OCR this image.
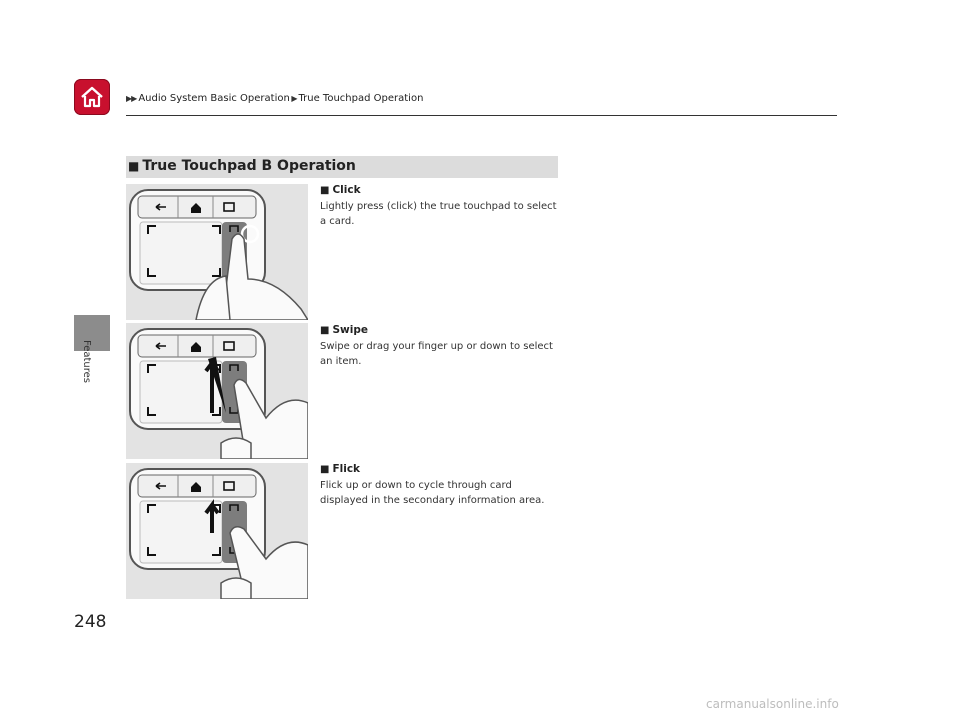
▶▶ Audio System Basic Operation ▶ True Touchpad Operation
Features
248
■ True Touchpad B Operation
■ Click

Lightly press (click) the true touchpad to select a card.

■ Swipe

Swipe or drag your finger up or down to select an item.

■ Flick

Flick up or down to cycle through card displayed in the secondary information area.

carmanualsonline.info
